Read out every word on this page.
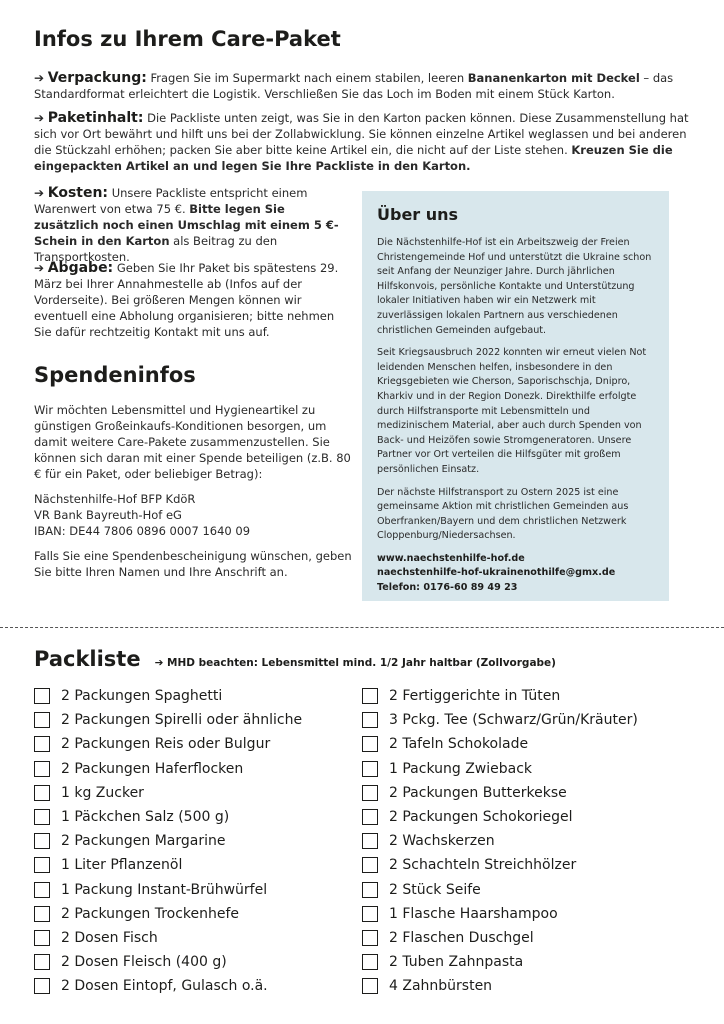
Infos zu Ihrem Care-Paket
➔ Verpackung: Fragen Sie im Supermarkt nach einem stabilen, leeren Bananenkarton mit Deckel – das Standardformat erleichtert die Logistik. Verschließen Sie das Loch im Boden mit einem Stück Karton.
➔ Paketinhalt: Die Packliste unten zeigt, was Sie in den Karton packen können. Diese Zusammenstellung hat sich vor Ort bewährt und hilft uns bei der Zollabwicklung. Sie können einzelne Artikel weglassen und bei anderen die Stückzahl erhöhen; packen Sie aber bitte keine Artikel ein, die nicht auf der Liste stehen. Kreuzen Sie die eingepackten Artikel an und legen Sie Ihre Packliste in den Karton.
➔ Kosten: Unsere Packliste entspricht einem Warenwert von etwa 75 €. Bitte legen Sie zusätzlich noch einen Umschlag mit einem 5 €-Schein in den Karton als Beitrag zu den Transportkosten.
➔ Abgabe: Geben Sie Ihr Paket bis spätestens 29. März bei Ihrer Annahmestelle ab (Infos auf der Vorderseite). Bei größeren Mengen können wir eventuell eine Abholung organisieren; bitte nehmen Sie dafür rechtzeitig Kontakt mit uns auf.
Spendeninfos

Wir möchten Lebensmittel und Hygieneartikel zu günstigen Großeinkaufs-Konditionen besorgen, um damit weitere Care-Pakete zusammenzustellen. Sie können sich daran mit einer Spende beteiligen (z.B. 80 € für ein Paket, oder beliebiger Betrag):

Nächstenhilfe-Hof BFP KdöR
VR Bank Bayreuth-Hof eG
IBAN: DE44 7806 0896 0007 1640 09

Falls Sie eine Spendenbescheinigung wünschen, geben Sie bitte Ihren Namen und Ihre Anschrift an.

Über uns

Die Nächstenhilfe-Hof ist ein Arbeitszweig der Freien Christengemeinde Hof und unterstützt die Ukraine schon seit Anfang der Neunziger Jahre. Durch jährlichen Hilfskonvois, persönliche Kontakte und Unterstützung lokaler Initiativen haben wir ein Netzwerk mit zuverlässigen lokalen Partnern aus verschiedenen christlichen Gemeinden aufgebaut.

Seit Kriegsausbruch 2022 konnten wir erneut vielen Not leidenden Menschen helfen, insbesondere in den Kriegsgebieten wie Cherson, Saporischschja, Dnipro, Kharkiv und in der Region Donezk. Direkthilfe erfolgte durch Hilfstransporte mit Lebensmitteln und medizinischem Material, aber auch durch Spenden von Back- und Heizöfen sowie Stromgeneratoren. Unsere Partner vor Ort verteilen die Hilfsgüter mit großem persönlichen Einsatz.

Der nächste Hilfstransport zu Ostern 2025 ist eine gemeinsame Aktion mit christlichen Gemeinden aus Oberfranken/Bayern und dem christlichen Netzwerk Cloppenburg/Niedersachsen.

www.naechstenhilfe-hof.de
naechstenhilfe-hof-ukrainenothilfe@gmx.de
Telefon: 0176-60 89 49 23
Packliste ➔ MHD beachten: Lebensmittel mind. 1/2 Jahr haltbar (Zollvorgabe)
2 Packungen Spaghetti
2 Packungen Spirelli oder ähnliche
2 Packungen Reis oder Bulgur
2 Packungen Haferflocken
1 kg Zucker
1 Päckchen Salz (500 g)
2 Packungen Margarine
1 Liter Pflanzenöl
1 Packung Instant-Brühwürfel
2 Packungen Trockenhefe
2 Dosen Fisch
2 Dosen Fleisch (400 g)
2 Dosen Eintopf, Gulasch o.ä.
2 Fertiggerichte in Tüten
3 Pckg. Tee (Schwarz/Grün/Kräuter)
2 Tafeln Schokolade
1 Packung Zwieback
2 Packungen Butterkekse
2 Packungen Schokoriegel
2 Wachskerzen
2 Schachteln Streichhölzer
2 Stück Seife
1 Flasche Haarshampoo
2 Flaschen Duschgel
2 Tuben Zahnpasta
4 Zahnbürsten
